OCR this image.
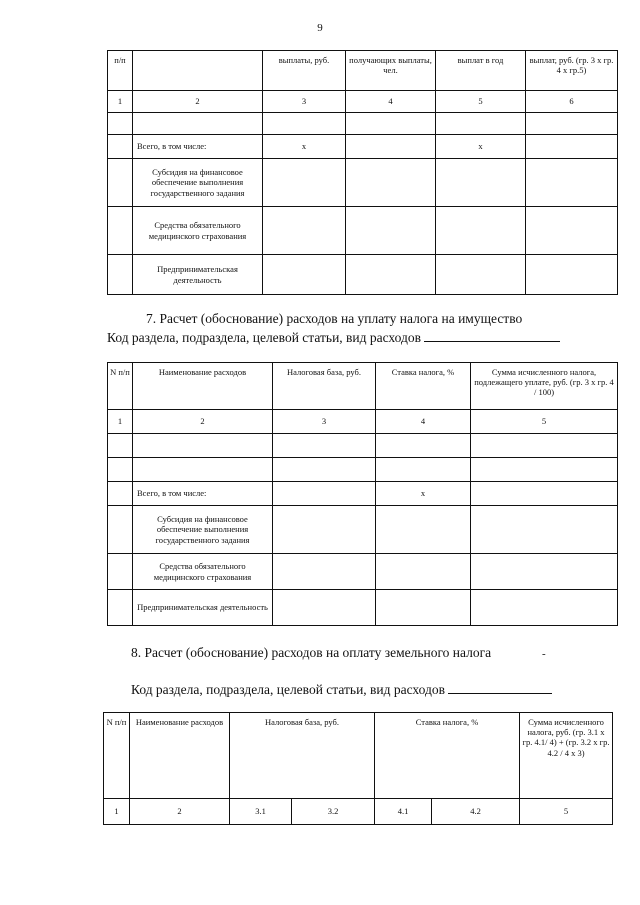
9
п/п		выплаты, руб.	получающих выплаты, чел.	выплат в год	выплат, руб. (гр. 3 х гр. 4 х гр.5)
1	2	3	4	5	6

	Всего, в том числе:	х		х	
	Субсидия на финансовое обеспечение выполнения государственного задания				
	Средства обязательного медицинского страхования				
	Предпринимательская деятельность				
7. Расчет (обоснование) расходов на уплату налога на имущество
Код раздела, подраздела, целевой статьи, вид расходов
N п/п	Наименование расходов	Налоговая база, руб.	Ставка налога, %	Сумма исчисленного налога, подлежащего уплате, руб. (гр. 3 х гр. 4 / 100)
1	2	3	4	5

	Всего, в том числе:		х	
	Субсидия на финансовое обеспечение выполнения государственного задания			
	Средства обязательного медицинского страхования			
	Предпринимательская деятельность			
8. Расчет (обоснование) расходов на оплату земельного налога	-
Код раздела, подраздела, целевой статьи, вид расходов
N п/п	Наименование расходов	Налоговая база, руб.		Ставка налога, %		Сумма исчисленного налога, руб. (гр. 3.1 х гр. 4.1/ 4) + (гр. 3.2 х гр. 4.2 / 4 х 3)
1	2	3.1	3.2	4.1	4.2	5
